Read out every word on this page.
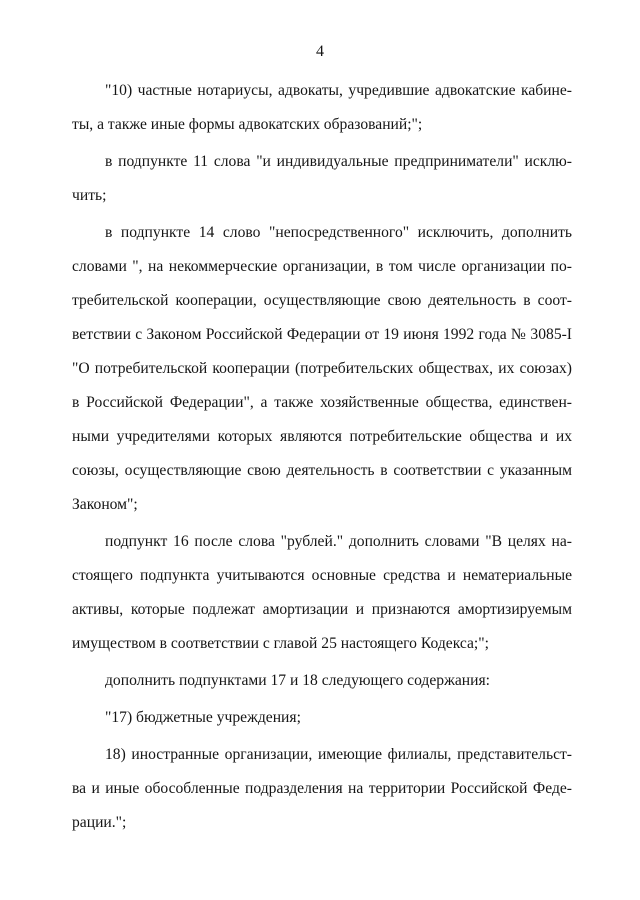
4
"10) частные нотариусы, адвокаты, учредившие адвокатские кабине-
ты, а также иные формы адвокатских образований;";
в подпункте 11 слова "и индивидуальные предприниматели" исклю-
чить;
в подпункте 14 слово "непосредственного" исключить, дополнить
словами ", на некоммерческие организации, в том числе организации по-
требительской кооперации, осуществляющие свою деятельность в соот-
ветствии с Законом Российской Федерации от 19 июня 1992 года № 3085-I
"О потребительской кооперации (потребительских обществах, их союзах)
в Российской Федерации", а также хозяйственные общества, единствен-
ными учредителями которых являются потребительские общества и их
союзы, осуществляющие свою деятельность в соответствии с указанным
Законом";
подпункт 16 после слова "рублей." дополнить словами "В целях на-
стоящего подпункта учитываются основные средства и нематериальные
активы, которые подлежат амортизации и признаются амортизируемым
имуществом в соответствии с главой 25 настоящего Кодекса;";
дополнить подпунктами 17 и 18 следующего содержания:
"17) бюджетные учреждения;
18) иностранные организации, имеющие филиалы, представительст-
ва и иные обособленные подразделения на территории Российской Феде-
рации.";
